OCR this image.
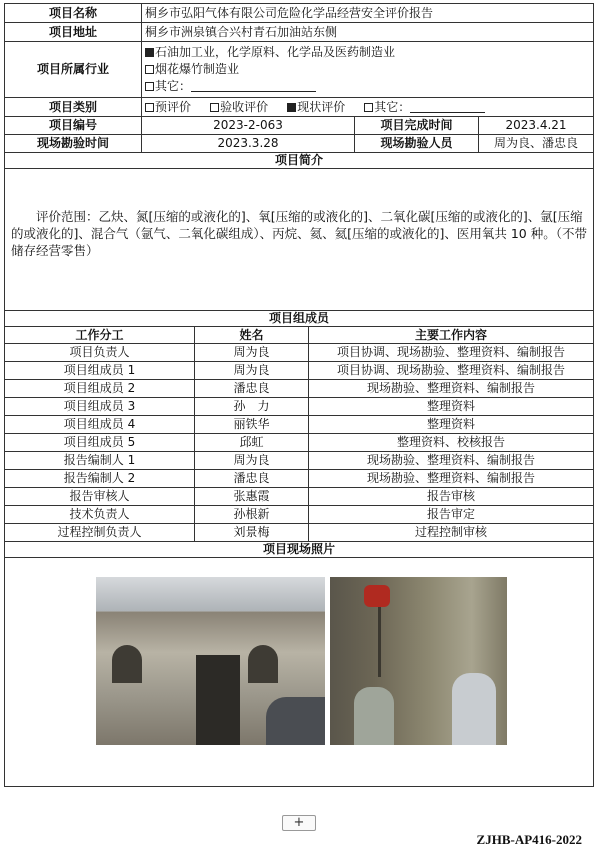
项目名称	桐乡市弘阳气体有限公司危险化学品经营安全评价报告		
项目地址	桐乡市洲泉镇合兴村青石加油站东侧		
项目所属行业	石油加工业，化学原料、化学品及医药制造业
烟花爆竹制造业
其它：		

项目类别	预评价 验收评价 现状评价 其它：		
项目编号	2023-2-063	项目完成时间	2023.4.21
现场勘验时间	2023.3.28	现场勘验人员	周为良、潘忠良
项目简介			

评价范围：乙炔、氮[压缩的或液化的]、氧[压缩的或液化的]、二氧化碳[压缩的或液化的]、氩[压缩的或液化的]、混合气（氩气、二氧化碳组成）、丙烷、氦、氦[压缩的或液化的]、医用氧共 10 种。（不带储存经营零售）			
项目组成员		
工作分工	姓名	主要工作内容
项目负责人	周为良	项目协调、现场勘验、整理资料、编制报告
项目组成员 1	周为良	项目协调、现场勘验、整理资料、编制报告
项目组成员 2	潘忠良	现场勘验、整理资料、编制报告
项目组成员 3	孙　力	整理资料
项目组成员 4	丽铁华	整理资料
项目组成员 5	邱虹	整理资料、校核报告
报告编制人 1	周为良	现场勘验、整理资料、编制报告
报告编制人 2	潘忠良	现场勘验、整理资料、编制报告
报告审核人	张惠霞	报告审核
技术负责人	孙根新	报告审定
过程控制负责人	刘景梅	过程控制审核
项目现场照片		

+
ZJHB-AP416-2022
